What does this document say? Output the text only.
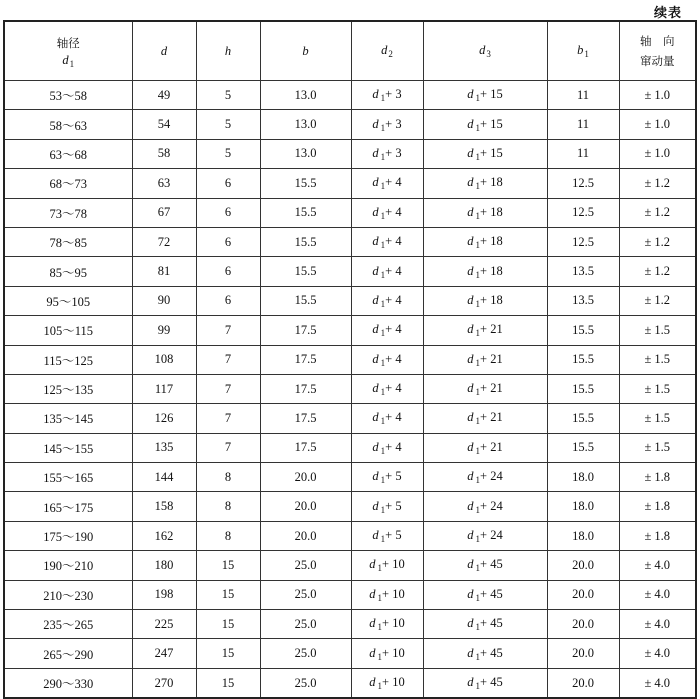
续表
轴径
$d_1$	d	h	b	$d_2$	$d_3$	$b_1$	轴　向
窜动量

53～58	49	5	13.0	d $_1$+ 3	d $_1$+ 15	11	± 1.0
58～63	54	5	13.0	d $_1$+ 3	d $_1$+ 15	11	± 1.0
63～68	58	5	13.0	d $_1$+ 3	d $_1$+ 15	11	± 1.0
68～73	63	6	15.5	d $_1$+ 4	d $_1$+ 18	12.5	± 1.2
73～78	67	6	15.5	d $_1$+ 4	d $_1$+ 18	12.5	± 1.2
78～85	72	6	15.5	d $_1$+ 4	d $_1$+ 18	12.5	± 1.2
85～95	81	6	15.5	d $_1$+ 4	d $_1$+ 18	13.5	± 1.2
95～105	90	6	15.5	d $_1$+ 4	d $_1$+ 18	13.5	± 1.2
105～115	99	7	17.5	d $_1$+ 4	d $_1$+ 21	15.5	± 1.5
115～125	108	7	17.5	d $_1$+ 4	d $_1$+ 21	15.5	± 1.5
125～135	117	7	17.5	d $_1$+ 4	d $_1$+ 21	15.5	± 1.5
135～145	126	7	17.5	d $_1$+ 4	d $_1$+ 21	15.5	± 1.5
145～155	135	7	17.5	d $_1$+ 4	d $_1$+ 21	15.5	± 1.5
155～165	144	8	20.0	d $_1$+ 5	d $_1$+ 24	18.0	± 1.8
165～175	158	8	20.0	d $_1$+ 5	d $_1$+ 24	18.0	± 1.8
175～190	162	8	20.0	d $_1$+ 5	d $_1$+ 24	18.0	± 1.8
190～210	180	15	25.0	d $_1$+ 10	d $_1$+ 45	20.0	± 4.0
210～230	198	15	25.0	d $_1$+ 10	d $_1$+ 45	20.0	± 4.0
235～265	225	15	25.0	d $_1$+ 10	d $_1$+ 45	20.0	± 4.0
265～290	247	15	25.0	d $_1$+ 10	d $_1$+ 45	20.0	± 4.0
290～330	270	15	25.0	d $_1$+ 10	d $_1$+ 45	20.0	± 4.0
